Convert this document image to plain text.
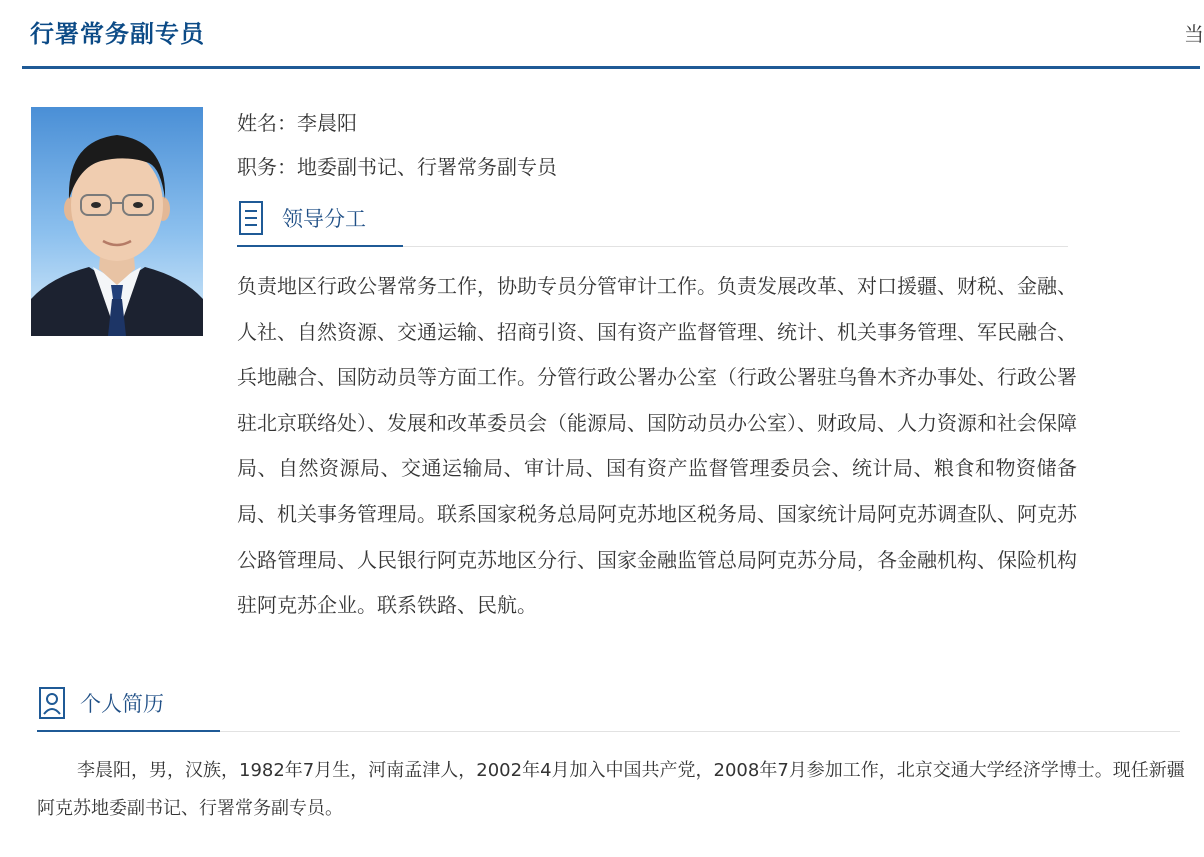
行署常务副专员	当
姓名：李晨阳
职务：地委副书记、行署常务副专员
领导分工

负责地区行政公署常务工作，协助专员分管审计工作。负责发展改革、对口援疆、财税、金融、人社、自然资源、交通运输、招商引资、国有资产监督管理、统计、机关事务管理、军民融合、兵地融合、国防动员等方面工作。分管行政公署办公室（行政公署驻乌鲁木齐办事处、行政公署驻北京联络处）、发展和改革委员会（能源局、国防动员办公室）、财政局、人力资源和社会保障局、自然资源局、交通运输局、审计局、国有资产监督管理委员会、统计局、粮食和物资储备局、机关事务管理局。联系国家税务总局阿克苏地区税务局、国家统计局阿克苏调查队、阿克苏公路管理局、人民银行阿克苏地区分行、国家金融监管总局阿克苏分局，各金融机构、保险机构驻阿克苏企业。联系铁路、民航。

个人简历

李晨阳，男，汉族，1982年7月生，河南孟津人，2002年4月加入中国共产党，2008年7月参加工作，北京交通大学经济学博士。现任新疆阿克苏地委副书记、行署常务副专员。
